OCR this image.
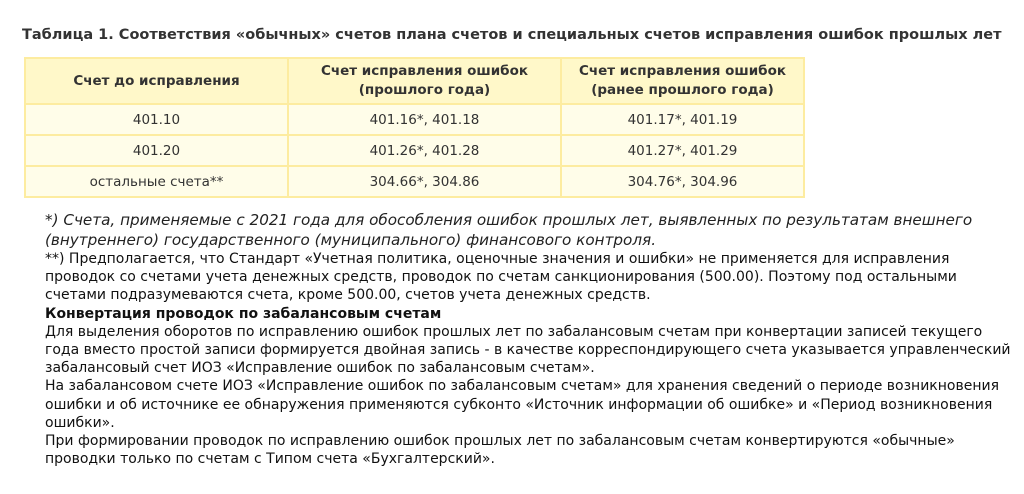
Таблица 1. Соответствия «обычных» счетов плана счетов и специальных счетов исправления ошибок прошлых лет
Счет до исправления	Счет исправления ошибок (прошлого года)	Счет исправления ошибок (ранее прошлого года)
401.10	401.16*, 401.18	401.17*, 401.19
401.20	401.26*, 401.28	401.27*, 401.29
остальные счета**	304.66*, 304.86	304.76*, 304.96

*) Счета, применяемые с 2021 года для обособления ошибок прошлых лет, выявленных по результатам внешнего (внутреннего) государственного (муниципального) финансового контроля.

**) Предполагается, что Стандарт «Учетная политика, оценочные значения и ошибки» не применяется для исправления проводок со счетами учета денежных средств, проводок по счетам санкционирования (500.00). Поэтому под остальными счетами подразумеваются счета, кроме 500.00, счетов учета денежных средств.

Конвертация проводок по забалансовым счетам

Для выделения оборотов по исправлению ошибок прошлых лет по забалансовым счетам при конвертации записей текущего года вместо простой записи формируется двойная запись - в качестве корреспондирующего счета указывается управленческий забалансовый счет ИОЗ «Исправление ошибок по забалансовым счетам».

На забалансовом счете ИОЗ «Исправление ошибок по забалансовым счетам» для хранения сведений о периоде возникновения ошибки и об источнике ее обнаружения применяются субконто «Источник информации об ошибке» и «Период возникновения ошибки».

При формировании проводок по исправлению ошибок прошлых лет по забалансовым счетам конвертируются «обычные» проводки только по счетам с Типом счета «Бухгалтерский».
